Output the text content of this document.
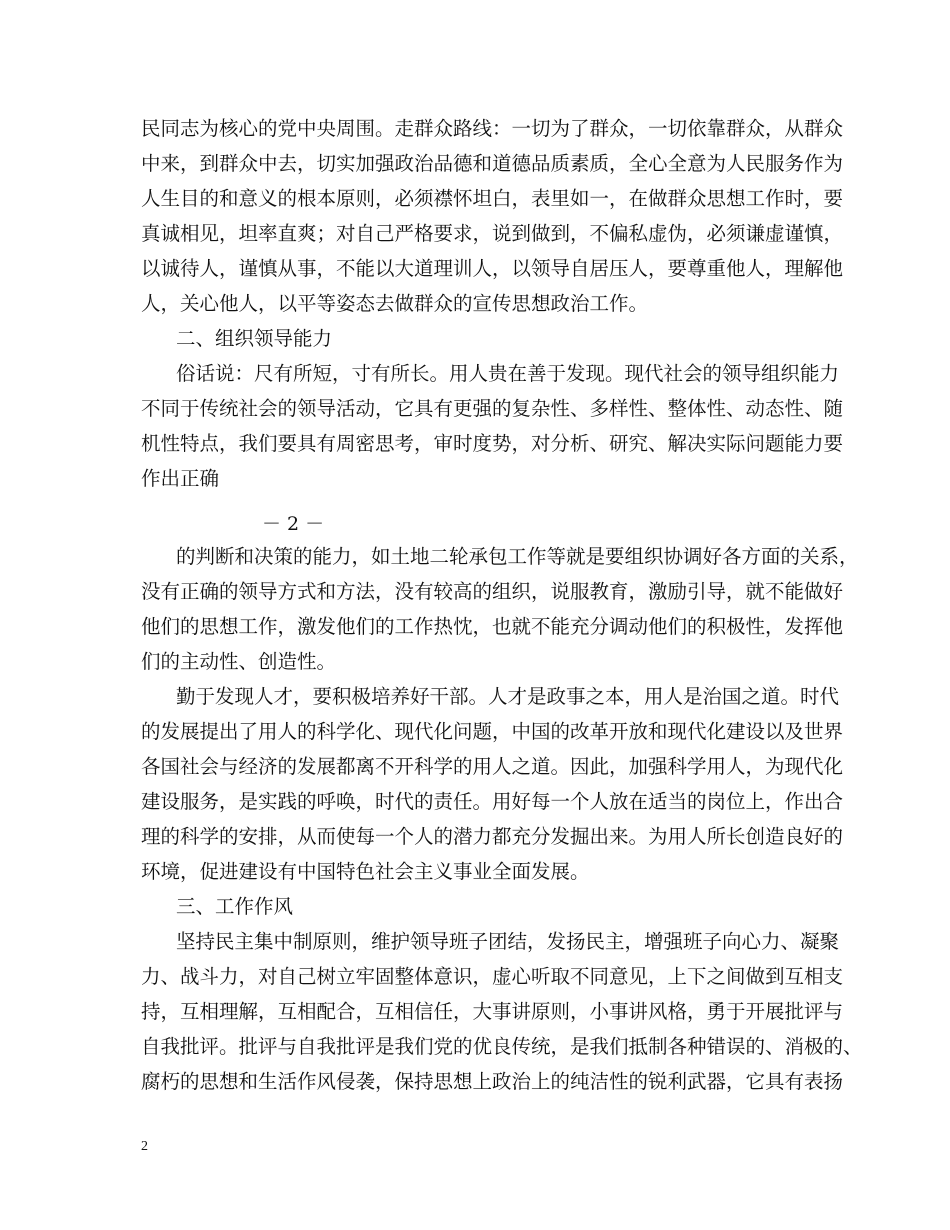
民同志为核心的党中央周围。走群众路线：一切为了群众，一切依靠群众，从群众
中来，到群众中去，切实加强政治品德和道德品质素质，全心全意为人民服务作为
人生目的和意义的根本原则，必须襟怀坦白，表里如一，在做群众思想工作时，要
真诚相见，坦率直爽；对自己严格要求，说到做到，不偏私虚伪，必须谦虚谨慎，
以诚待人，谨慎从事，不能以大道理训人，以领导自居压人，要尊重他人，理解他
人，关心他人，以平等姿态去做群众的宣传思想政治工作。
二、组织领导能力
俗话说：尺有所短，寸有所长。用人贵在善于发现。现代社会的领导组织能力
不同于传统社会的领导活动，它具有更强的复杂性、多样性、整体性、动态性、随
机性特点，我们要具有周密思考，审时度势，对分析、研究、解决实际问题能力要
作出正确
－ 2 －
的判断和决策的能力，如土地二轮承包工作等就是要组织协调好各方面的关系，
没有正确的领导方式和方法，没有较高的组织，说服教育，激励引导，就不能做好
他们的思想工作，激发他们的工作热忱，也就不能充分调动他们的积极性，发挥他
们的主动性、创造性。
勤于发现人才，要积极培养好干部。人才是政事之本，用人是治国之道。时代
的发展提出了用人的科学化、现代化问题，中国的改革开放和现代化建设以及世界
各国社会与经济的发展都离不开科学的用人之道。因此，加强科学用人，为现代化
建设服务，是实践的呼唤，时代的责任。用好每一个人放在适当的岗位上，作出合
理的科学的安排，从而使每一个人的潜力都充分发掘出来。为用人所长创造良好的
环境，促进建设有中国特色社会主义事业全面发展。
三、工作作风
坚持民主集中制原则，维护领导班子团结，发扬民主，增强班子向心力、凝聚
力、战斗力，对自己树立牢固整体意识，虚心听取不同意见，上下之间做到互相支
持，互相理解，互相配合，互相信任，大事讲原则，小事讲风格，勇于开展批评与
自我批评。批评与自我批评是我们党的优良传统，是我们抵制各种错误的、消极的、
腐朽的思想和生活作风侵袭，保持思想上政治上的纯洁性的锐利武器，它具有表扬
2
